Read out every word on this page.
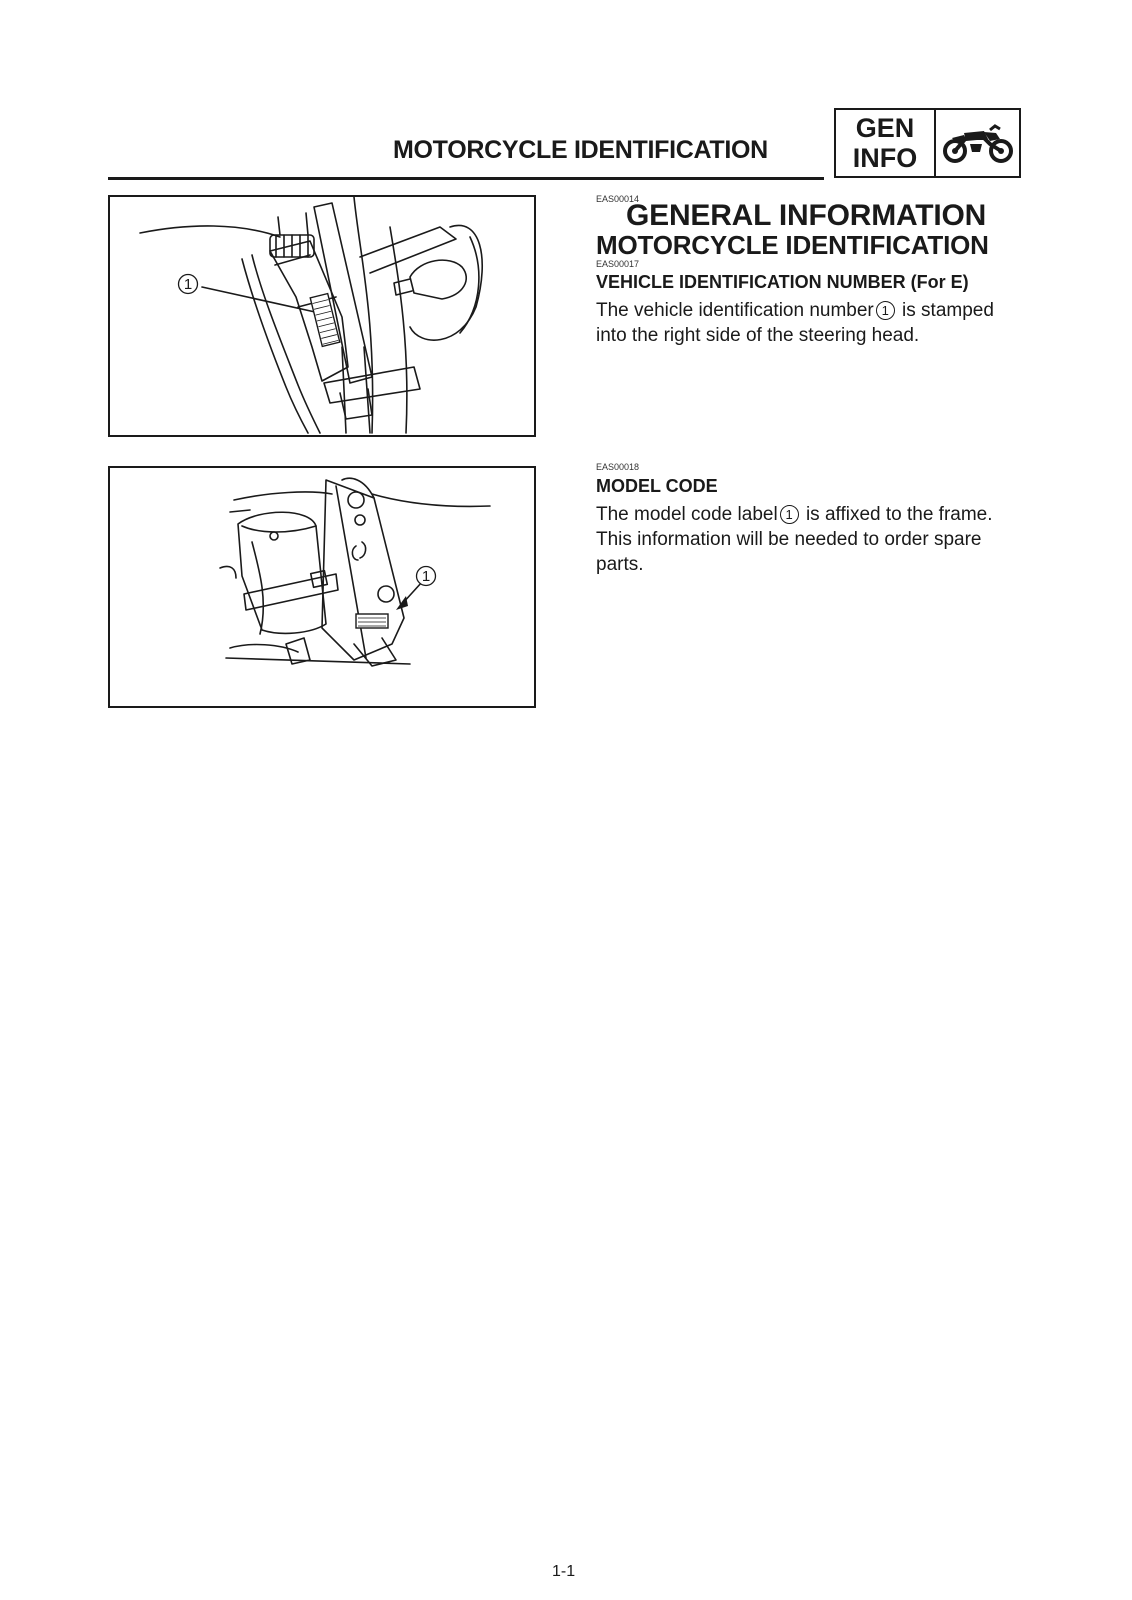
MOTORCYCLE IDENTIFICATION
GEN
INFO
1
1
EAS00014
GENERAL INFORMATION
MOTORCYCLE IDENTIFICATION
EAS00017
VEHICLE IDENTIFICATION NUMBER (For E)
The vehicle identification number 1 is stamped into the right side of the steering head.
EAS00018
MODEL CODE
The model code label 1 is affixed to the frame. This information will be needed to order spare parts.
1-1
